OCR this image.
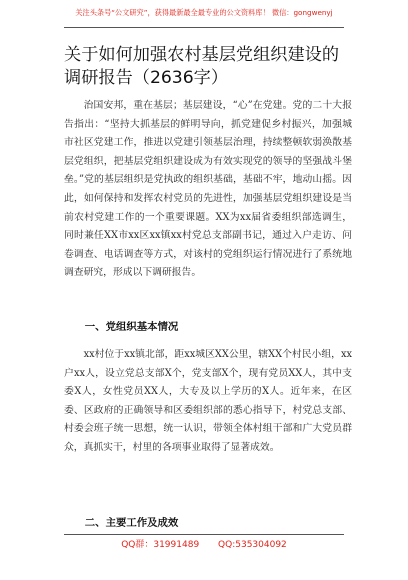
关注头条号“公文研究”，获得最新最全最专业的公文资料库！ 微信：gongwenyj
关于如何加强农村基层党组织建设的调研报告（2636字）

治国安邦，重在基层；基层建设，“心”在党建。党的二十大报告指出：“坚持大抓基层的鲜明导向，抓党建促乡村振兴，加强城市社区党建工作，推进以党建引领基层治理，持续整顿软弱涣散基层党组织，把基层党组织建设成为有效实现党的领导的坚强战斗堡垒。”党的基层组织是党执政的组织基础，基础不牢，地动山摇。因此，如何保持和发挥农村党员的先进性，加强基层党组织建设是当前农村党建工作的一个重要课题。XX为xx届省委组织部选调生，同时兼任XX市xx区xx镇xx村党总支部副书记，通过入户走访、问卷调查、电话调查等方式，对该村的党组织运行情况进行了系统地调查研究，形成以下调研报告。

一、党组织基本情况

xx村位于xx镇北部，距xx城区XX公里，辖XX个村民小组，xx户xx人，设立党总支部X个，党支部X个，现有党员XX人，其中支委X人，女性党员XX人，大专及以上学历的X人。近年来，在区委、区政府的正确领导和区委组织部的悉心指导下，村党总支部、村委会班子统一思想，统一认识，带领全体村组干部和广大党员群众，真抓实干，村里的各项事业取得了显著成效。

二、主要工作及成效
QQ群：31991489 QQ:535304092
